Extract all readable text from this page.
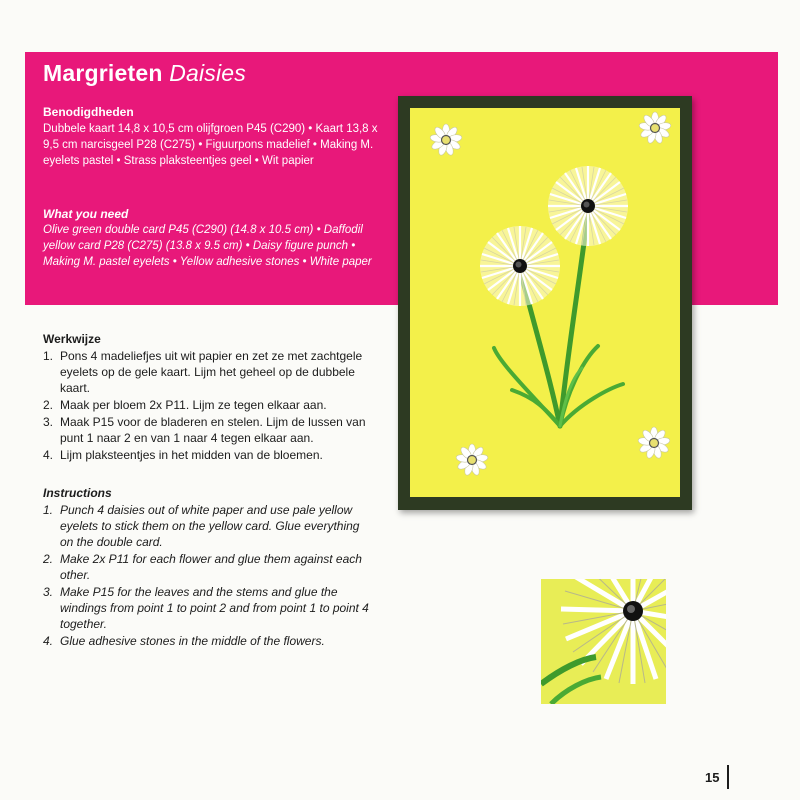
Margrieten Daisies
Benodigdheden

Dubbele kaart 14,8 x 10,5 cm olijfgroen P45 (C290) • Kaart 13,8 x 9,5 cm narcisgeel P28 (C275) • Figuurpons madelief • Making M. eyelets pastel • Strass plaksteentjes geel • Wit papier

What you need

Olive green double card P45 (C290) (14.8 x 10.5 cm) • Daffodil yellow card P28 (C275) (13.8 x 9.5 cm) • Daisy figure punch • Making M. pastel eyelets • Yellow adhesive stones • White paper

Werkwijze
1. Pons 4 madeliefjes uit wit papier en zet ze met zachtgele eyelets op de gele kaart. Lijm het geheel op de dubbele kaart.
2. Maak per bloem 2x P11. Lijm ze tegen elkaar aan.
3. Maak P15 voor de bladeren en stelen. Lijm de lussen van punt 1 naar 2 en van 1 naar 4 tegen elkaar aan.
4. Lijm plaksteentjes in het midden van de bloemen.
Instructions
1. Punch 4 daisies out of white paper and use pale yellow eyelets to stick them on the yellow card. Glue everything on the double card.
2. Make 2x P11 for each flower and glue them against each other.
3. Make P15 for the leaves and the stems and glue the windings from point 1 to point 2 and from point 1 to point 4 together.
4. Glue adhesive stones in the middle of the flowers.
15
